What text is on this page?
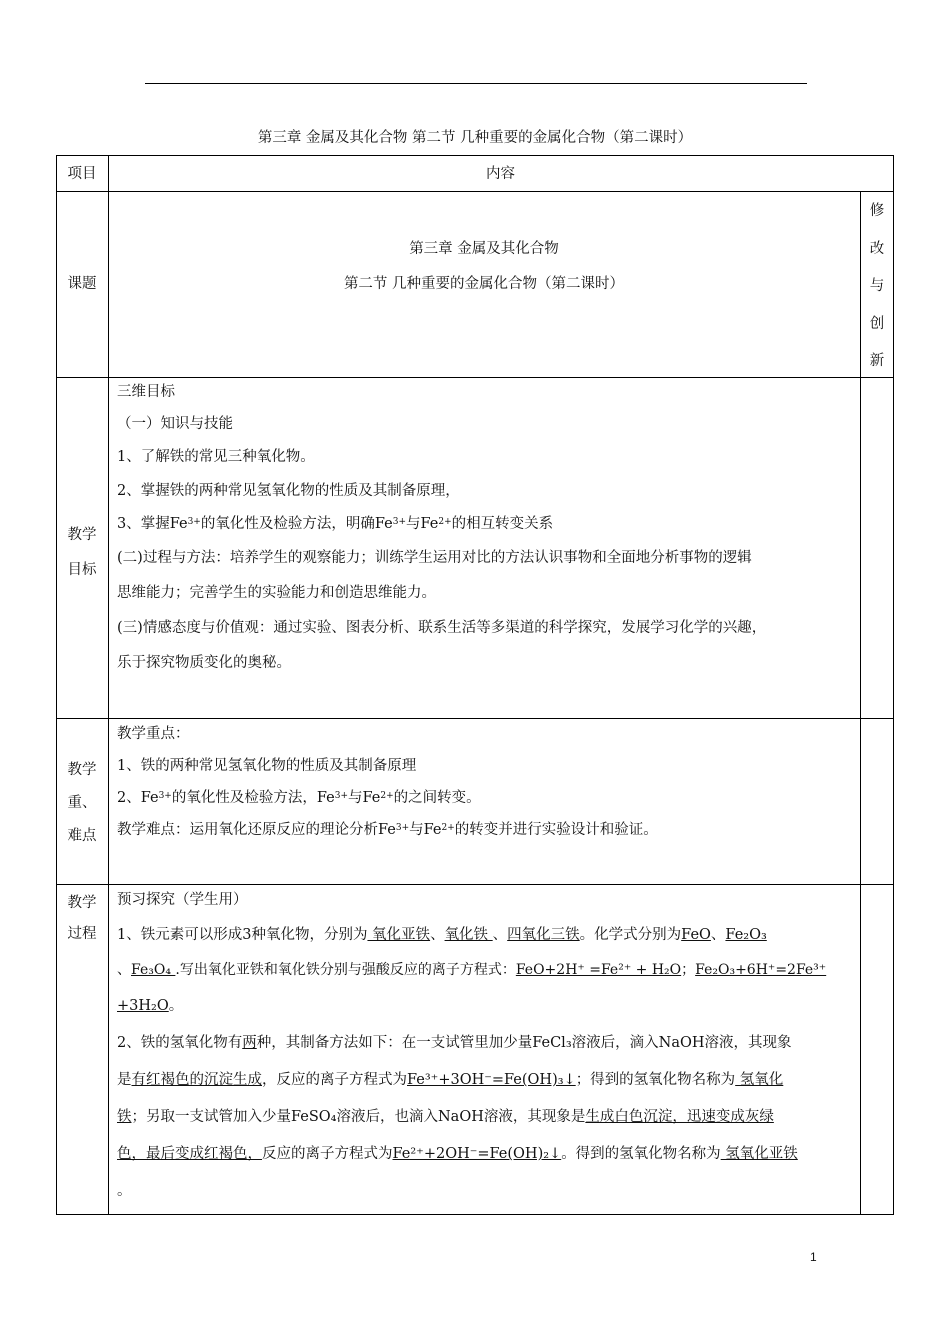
第三章 金属及其化合物 第二节 几种重要的金属化合物（第二课时）
项目	内容
课题
第三章 金属及其化合物
第二节 几种重要的金属化合物（第二课时）
修
改
与
创
新
教学
目标
三维目标
（一）知识与技能
1、了解铁的常见三种氧化物。
2、掌握铁的两种常见氢氧化物的性质及其制备原理，
3、掌握$Fe^{3+}$的氧化性及检验方法，明确$Fe^{3+}$与$Fe^{2+}$的相互转变关系
(二)过程与方法：培养学生的观察能力；训练学生运用对比的方法认识事物和全面地分析事物的逻辑
思维能力；完善学生的实验能力和创造思维能力。
(三)情感态度与价值观：通过实验、图表分析、联系生活等多渠道的科学探究，发展学习化学的兴趣，
乐于探究物质变化的奥秘。
教学
重、
难点
教学重点：
1、铁的两种常见氢氧化物的性质及其制备原理
2、$Fe^{3+}$的氧化性及检验方法，$Fe^{3+}$与$Fe^{2+}$的之间转变。
教学难点：运用氧化还原反应的理论分析$Fe^{3+}$与$Fe^{2+}$的转变并进行实验设计和验证。
教学
过程
预习探究（学生用）
1、铁元素可以形成3种氧化物，分别为 氧化亚铁、氧化铁 、四氧化三铁。化学式分别为FeO、Fe₂O₃
、Fe₃O₄ .写出氧化亚铁和氧化铁分别与强酸反应的离子方程式：FeO+2H⁺ =Fe²⁺ + H₂O；Fe₂O₃+6H⁺=2Fe³⁺
+3H₂O。
2、铁的氢氧化物有两种，其制备方法如下：在一支试管里加少量FeCl₃溶液后，滴入NaOH溶液，其现象
是有红褐色的沉淀生成，反应的离子方程式为Fe³⁺+3OH⁻=Fe(OH)₃↓；得到的氢氧化物名称为 氢氧化
铁；另取一支试管加入少量FeSO₄溶液后，也滴入NaOH溶液，其现象是生成白色沉淀，迅速变成灰绿
色，最后变成红褐色，反应的离子方程式为Fe²⁺+2OH⁻=Fe(OH)₂↓。得到的氢氧化物名称为 氢氧化亚铁
。
1
